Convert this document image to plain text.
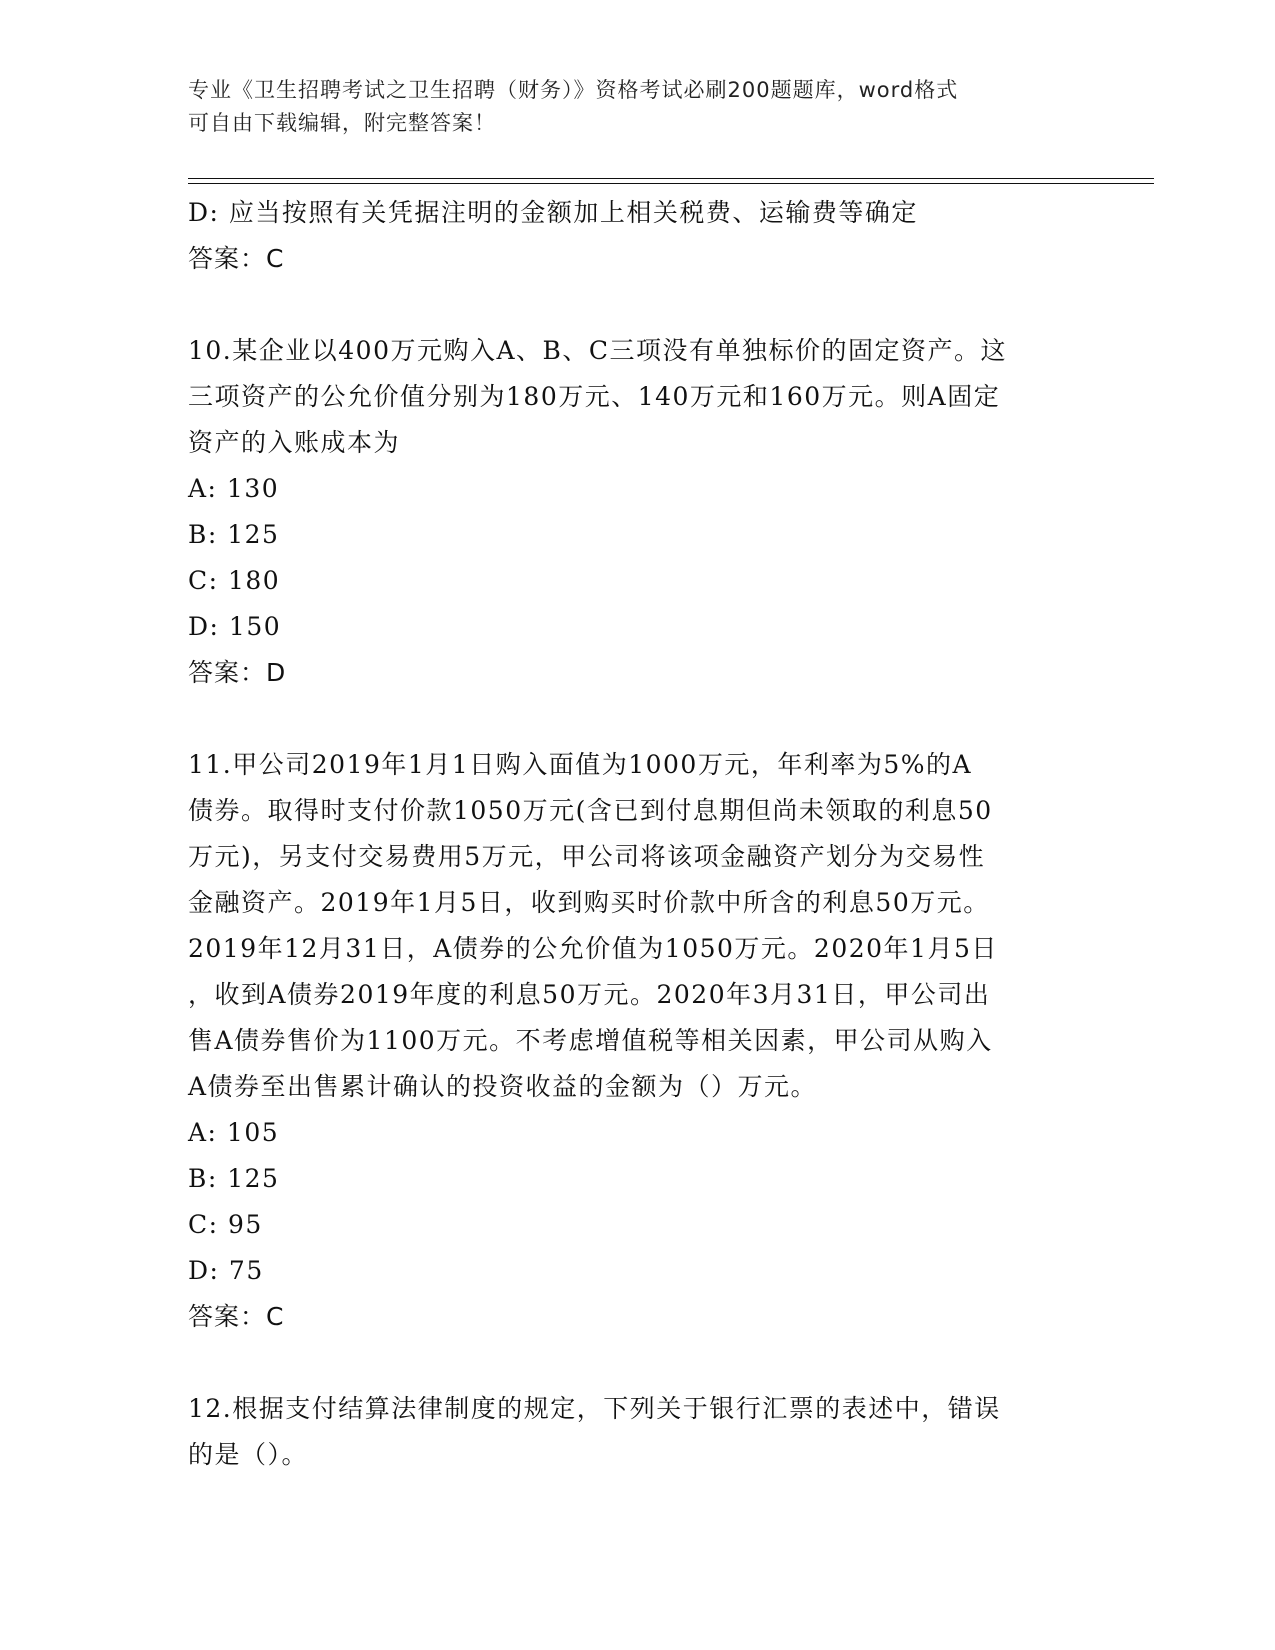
专业《卫生招聘考试之卫生招聘（财务）》资格考试必刷200题题库，word格式
可自由下载编辑，附完整答案！
D: 应当按照有关凭据注明的金额加上相关税费、运输费等确定
答案：C
10.某企业以400万元购入A、B、C三项没有单独标价的固定资产。这
三项资产的公允价值分别为180万元、140万元和160万元。则A固定
资产的入账成本为
A: 130
B: 125
C: 180
D: 150
答案：D
11.甲公司2019年1月1日购入面值为1000万元，年利率为5%的A
债券。取得时支付价款1050万元(含已到付息期但尚未领取的利息50
万元)，另支付交易费用5万元，甲公司将该项金融资产划分为交易性
金融资产。2019年1月5日，收到购买时价款中所含的利息50万元。
2019年12月31日，A债券的公允价值为1050万元。2020年1月5日
，收到A债券2019年度的利息50万元。2020年3月31日，甲公司出
售A债券售价为1100万元。不考虑增值税等相关因素，甲公司从购入
A债券至出售累计确认的投资收益的金额为（）万元。
A: 105
B: 125
C: 95
D: 75
答案：C
12.根据支付结算法律制度的规定，下列关于银行汇票的表述中，错误
的是（）。
